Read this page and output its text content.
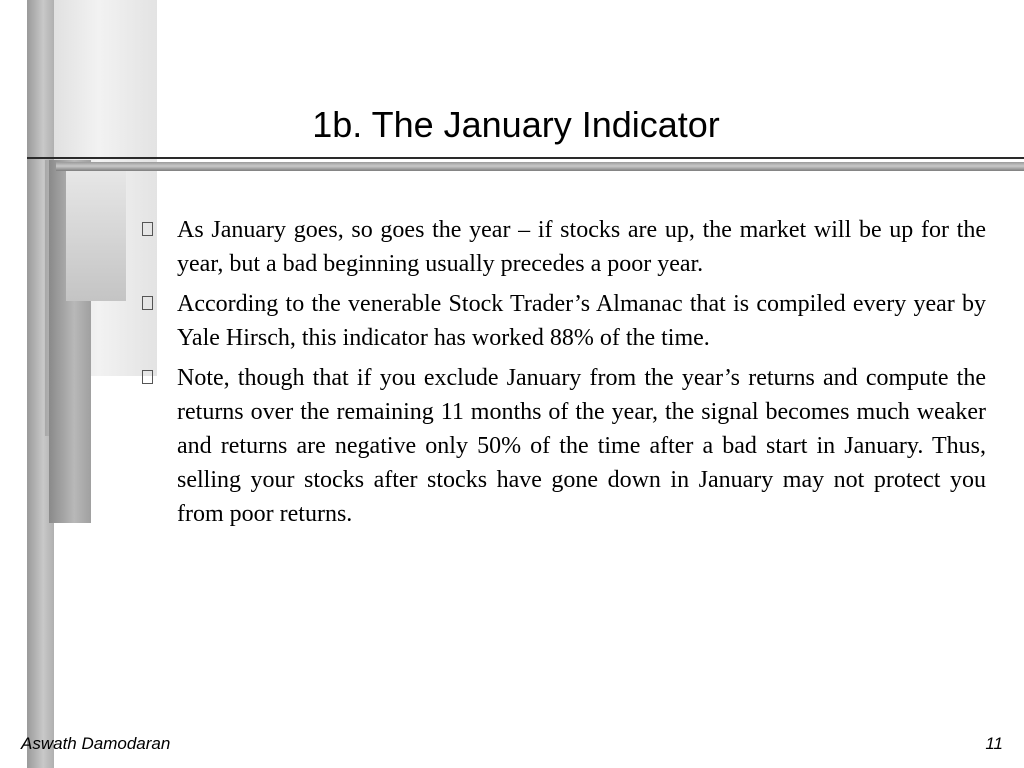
1b. The January Indicator
As January goes, so goes the year – if stocks are up, the market will be up for the year, but a bad beginning usually precedes a poor year.
According to the venerable Stock Trader’s Almanac that is compiled every year by Yale Hirsch, this indicator has worked 88% of the time.
Note, though that if you exclude January from the year’s returns and compute the returns over the remaining 11 months of the year, the signal becomes much weaker and returns are negative only 50% of the time after a bad start in January. Thus, selling your stocks after stocks have gone down in January may not protect you from poor returns.
Aswath Damodaran	11
